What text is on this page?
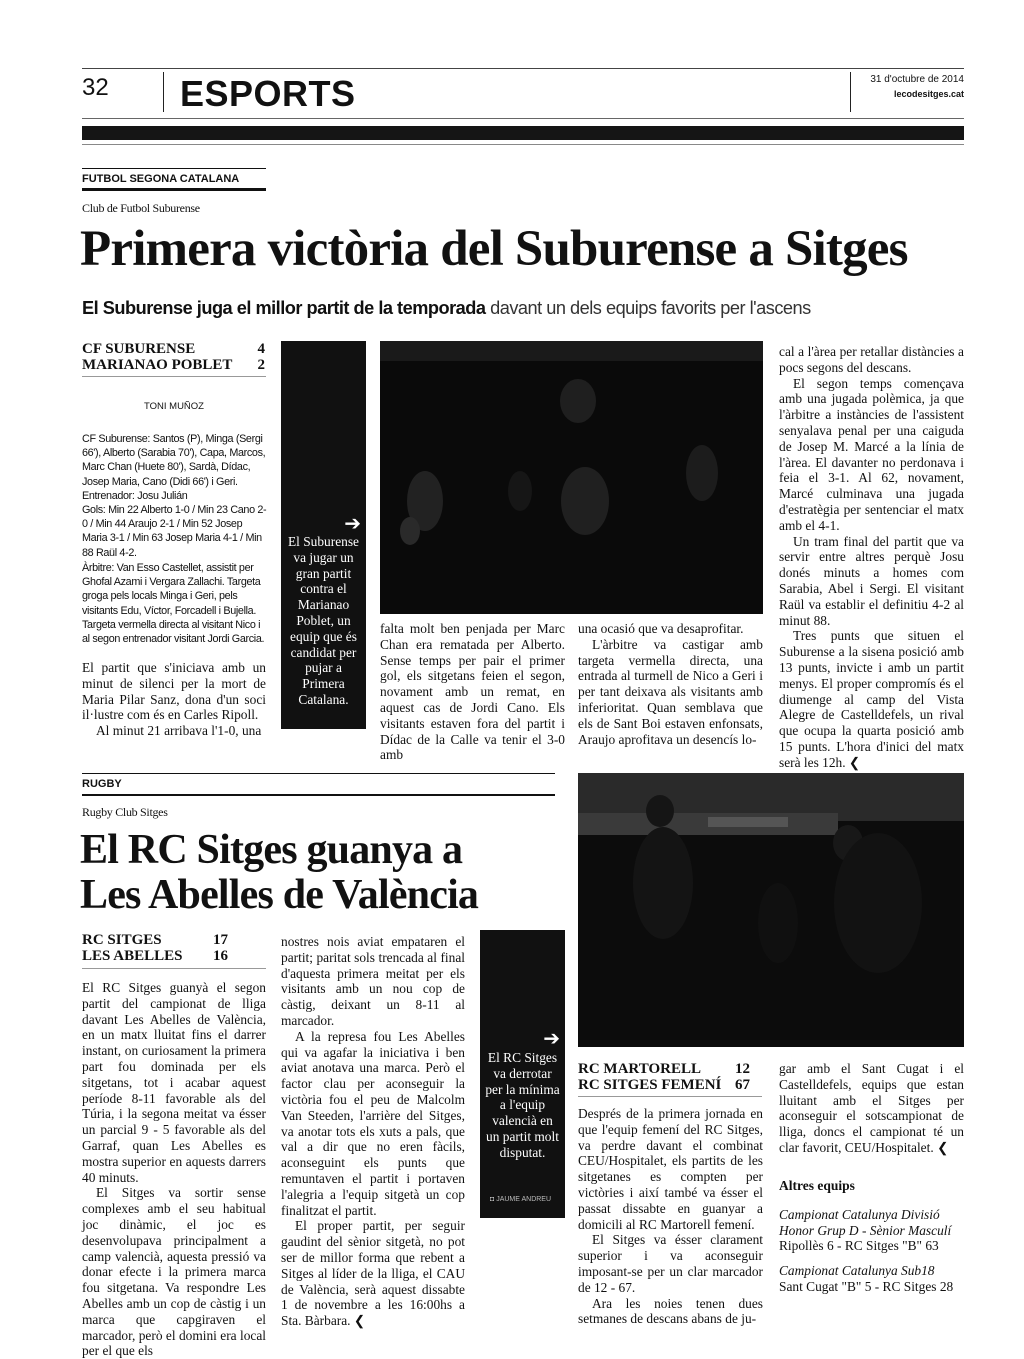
32 ESPORTS	31 d'octubre de 2014
lecodesitges.cat
FUTBOL SEGONA CATALANA
Club de Futbol Suburense
Primera victòria del Suburense a Sitges
El Suburense juga el millor partit de la temporada davant un dels equips favorits per l'ascens
CF SUBURENSE	4
MARIANAO POBLET	2
TONI MUÑOZ
CF Suburense: Santos (P), Minga (Sergi 66'), Alberto (Sarabia 70'), Capa, Marcos, Marc Chan (Huete 80'), Sardà, Dídac, Josep Maria, Cano (Didi 66') i Geri. Entrenador: Josu Julián
Gols: Min 22 Alberto 1-0 / Min 23 Cano 2-0 / Min 44 Araujo 2-1 / Min 52 Josep Maria 3-1 / Min 63 Josep Maria 4-1 / Min 88 Raül 4-2.
Àrbitre: Van Esso Castellet, assistit per Ghofal Azami i Vergara Zallachi. Targeta groga pels locals Minga i Geri, pels visitants Edu, Víctor, Forcadell i Bujella. Targeta vermella directa al visitant Nico i al segon entrenador visitant Jordi Garcia.

El partit que s'iniciava amb un minut de silenci per la mort de Maria Pilar Sanz, dona d'un soci il·lustre com és en Carles Ripoll.

Al minut 21 arribava l'1-0, una

➔
El Suburense va jugar un gran partit contra el Marianao Poblet, un equip que és candidat per pujar a Primera Catalana.

falta molt ben penjada per Marc Chan era rematada per Alberto. Sense temps per pair el primer gol, els sitgetans feien el segon, novament amb un remat, en aquest cas de Jordi Cano. Els visitants estaven fora del partit i Dídac de la Calle va tenir el 3-0 amb

una ocasió que va desaprofitar.

L'àrbitre va castigar amb targeta vermella directa, una entrada al turmell de Nico a Geri i per tant deixava als visitants amb inferioritat. Quan semblava que els de Sant Boi estaven enfonsats, Araujo aprofitava un desencís lo-

cal a l'àrea per retallar distàncies a pocs segons del descans.

El segon temps començava amb una jugada polèmica, ja que l'àrbitre a instàncies de l'assistent senyalava penal per una caiguda de Josep M. Marcé a la línia de l'àrea. El davanter no perdonava i feia el 3-1. Al 62, novament, Marcé culminava una jugada d'estratègia per sentenciar el matx amb el 4-1.

Un tram final del partit que va servir entre altres perquè Josu donés minuts a homes com Sarabia, Abel i Sergi. El visitant Raül va establir el definitiu 4-2 al minut 88.

Tres punts que situen el Suburense a la sisena posició amb 13 punts, invicte i amb un partit menys. El proper compromís és el diumenge al camp del Vista Alegre de Castelldefels, un rival que ocupa la quarta posició amb 15 punts. L'hora d'inici del matx serà les 12h. ❮

RUGBY
Rugby Club Sitges
El RC Sitges guanya a
Les Abelles de València
RC SITGES	17
LES ABELLES	16

El RC Sitges guanyà el segon partit del campionat de lliga davant Les Abelles de València, en un matx lluitat fins el darrer instant, on curiosament la primera part fou dominada per els sitgetans, tot i acabar aquest període 8-11 favorable als del Túria, i la segona meitat va ésser un parcial 9 - 5 favorable als del Garraf, quan Les Abelles es mostra superior en aquests darrers 40 minuts.

El Sitges va sortir sense complexes amb el seu habitual joc dinàmic, el joc es desenvolupava principalment a camp valencià, aquesta pressió va donar efecte i la primera marca fou sitgetana. Va respondre Les Abelles amb un cop de càstig i un marca que capgiraven el marcador, però el domini era local per el que els

nostres nois aviat empataren el partit; paritat sols trencada al final d'aquesta primera meitat per els visitants amb un nou cop de càstig, deixant un 8-11 al marcador.

A la represa fou Les Abelles qui va agafar la iniciativa i ben aviat anotava una marca. Però el factor clau per aconseguir la victòria fou el peu de Malcolm Van Steeden, l'arrière del Sitges, va anotar tots els xuts a pals, que val a dir que no eren fàcils, aconseguint els punts que remuntaven el partit i portaven l'alegria a l'equip sitgetà un cop finalitzat el partit.

El proper partit, per seguir gaudint del sènior sitgetà, no pot ser de millor forma que rebent a Sitges al líder de la lliga, el CAU de València, serà aquest dissabte 1 de novembre a les 16:00hs a Sta. Bàrbara. ❮

➔
El RC Sitges va derrotar per la mínima a l'equip valencià en un partit molt disputat.
◘ JAUME ANDREU
RC MARTORELL	12
RC SITGES FEMENÍ 67

Després de la primera jornada en que l'equip femení del RC Sitges, va perdre davant el combinat CEU/Hospitalet, els partits de les sitgetanes es compten per victòries i així també va ésser el passat dissabte en guanyar a domicili al RC Martorell femení.

El Sitges va ésser clarament superior i va aconseguir imposant-se per un clar marcador de 12 - 67.

Ara les noies tenen dues setmanes de descans abans de ju-

gar amb el Sant Cugat i el Castelldefels, equips que estan lluitant amb el Sitges per aconseguir el sotscampionat de lliga, doncs el campionat té un clar favorit, CEU/Hospitalet. ❮

Altres equips
Campionat Catalunya Divisió Honor Grup D - Sènior Masculí
Ripollès 6 - RC Sitges "B" 63
Campionat Catalunya Sub18
Sant Cugat "B" 5 - RC Sitges 28
